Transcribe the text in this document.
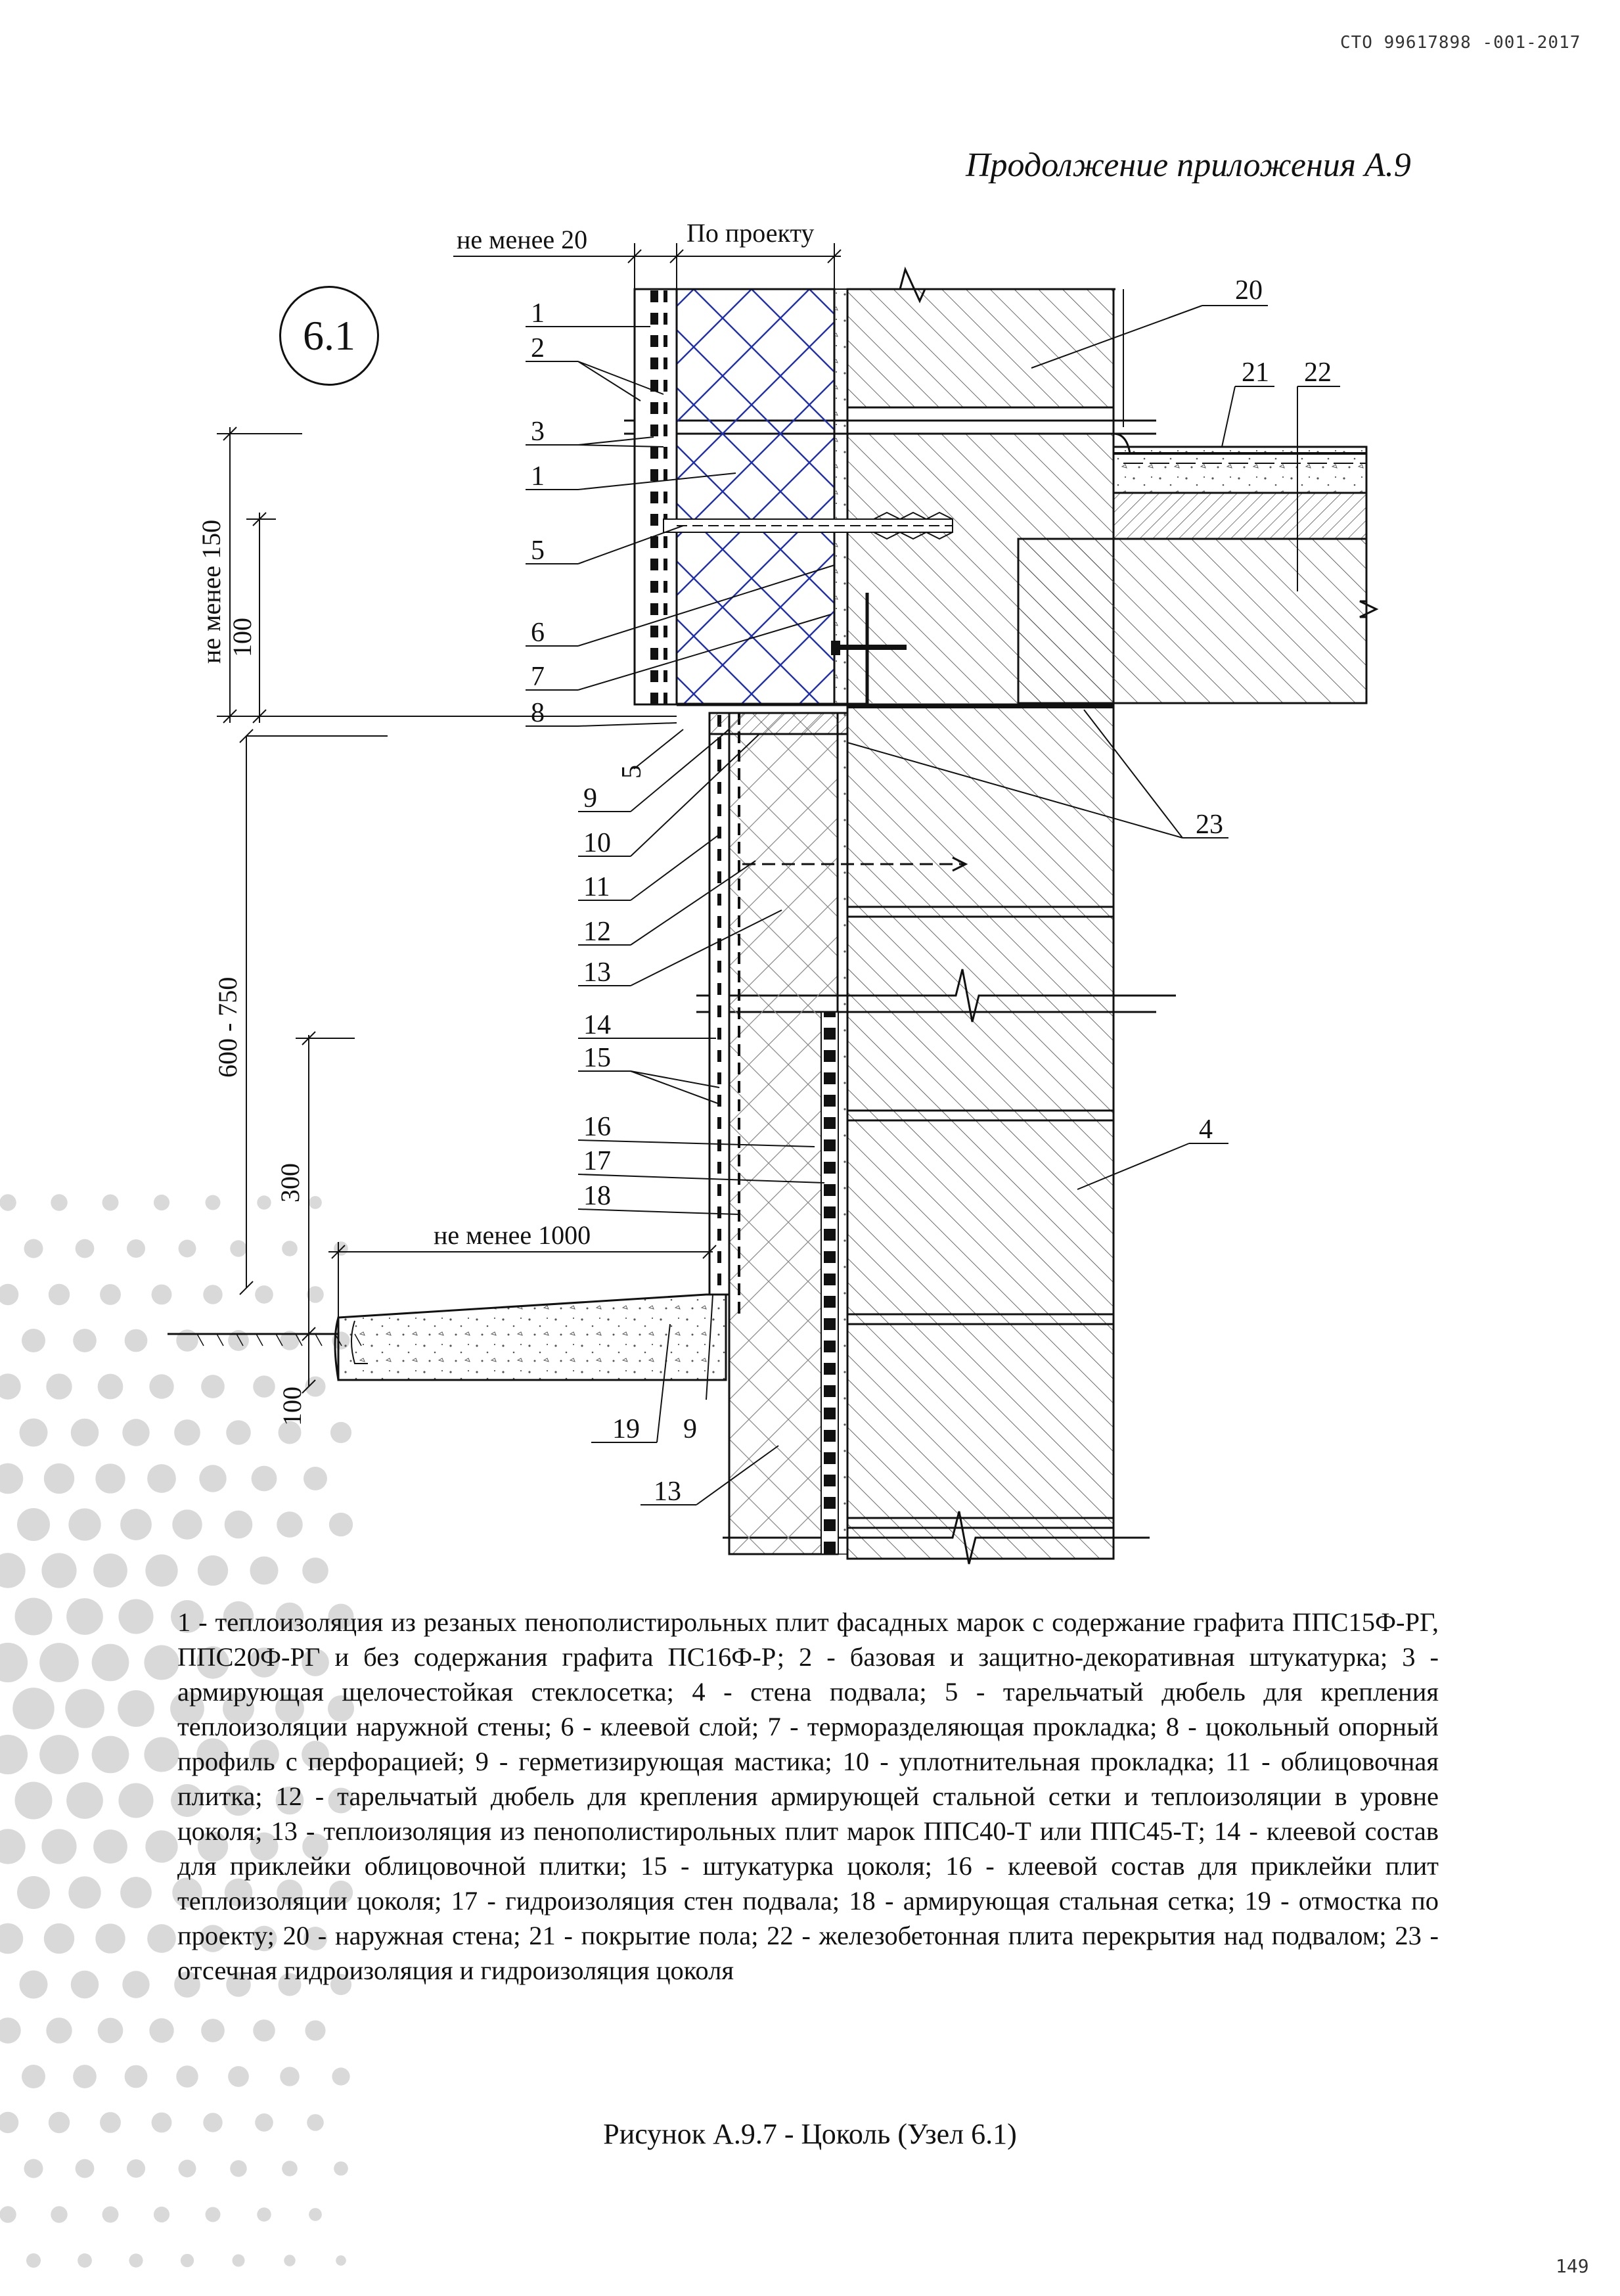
СТО 99617898 -001-2017
Продолжение приложения А.9
6.1
не менее 20	По проекту
не менее 150 100
600 - 750
300
не менее 1000
100
1
2
3
1
5
6
7
8
5
9
10
11
12
13
14
15
16
17
18
19 9
13
20
21 22
23
4
1 - теплоизоляция из резаных пенополистирольных плит фасадных марок с содержание графита ППС15Ф-РГ, ППС20Ф-РГ и без содержания графита ПС16Ф-Р; 2 - базовая и защитно-декоративная штукатурка; 3 - армирующая щелочестойкая стеклосетка; 4 - стена подвала; 5 - тарельчатый дюбель для крепления теплоизоляции наружной стены; 6 - клеевой слой; 7 - терморазделяющая прокладка; 8 - цокольный опорный профиль с перфорацией; 9 - герметизирующая мастика; 10 - уплотнительная прокладка; 11 - облицовочная плитка; 12 - тарельчатый дюбель для крепления армирующей стальной сетки и теплоизоляции в уровне цоколя; 13 - теплоизоляция из пенополистирольных плит марок ППС40-Т или ППС45-Т; 14 - клеевой состав для приклейки облицовочной плитки; 15 - штукатурка цоколя; 16 - клеевой состав для приклейки плит теплоизоляции цоколя; 17 - гидроизоляция стен подвала; 18 - армирующая стальная сетка; 19 - отмостка по проекту; 20 - наружная стена; 21 - покрытие пола; 22 - железобетонная плита перекрытия над подвалом; 23 - отсечная гидроизоляция и гидроизоляция цоколя
Рисунок А.9.7 - Цоколь (Узел 6.1)
149
